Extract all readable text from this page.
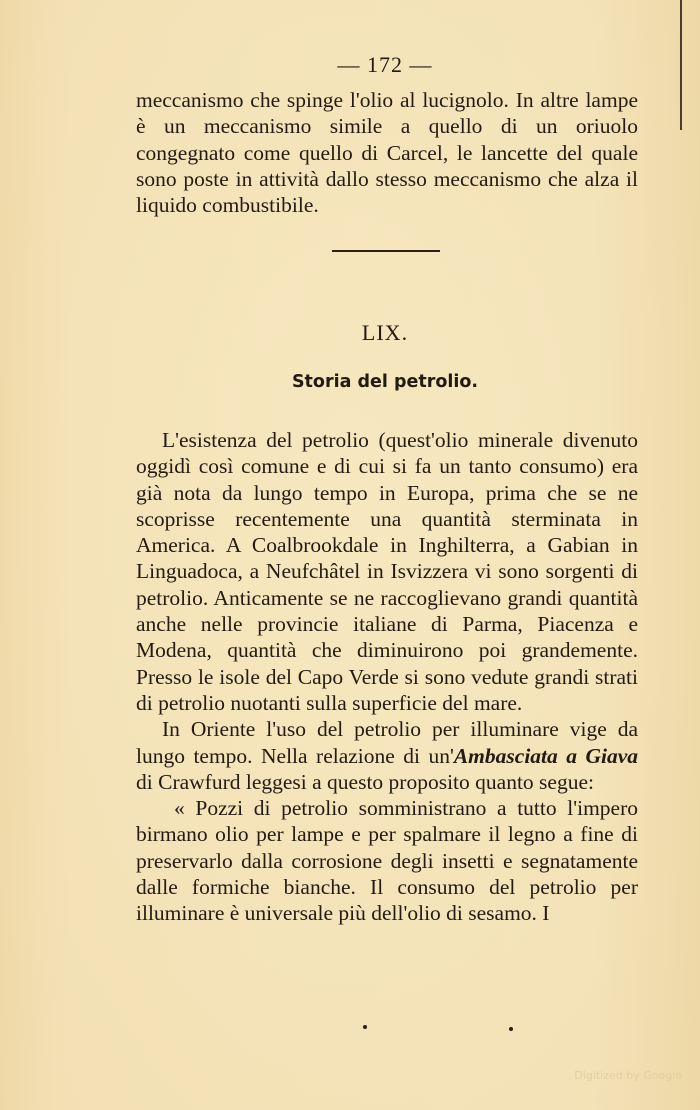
— 172 —

meccanismo che spinge l'olio al lucignolo. In altre lampe è un meccanismo simile a quello di un oriuolo congegnato come quello di Carcel, le lancette del quale sono poste in attività dallo stesso meccanismo che alza il liquido combustibile.

LIX.
Storia del petrolio.

L'esistenza del petrolio (quest'olio minerale divenuto oggidì così comune e di cui si fa un tanto consumo) era già nota da lungo tempo in Europa, prima che se ne scoprisse recentemente una quantità sterminata in America. A Coalbrookdale in Inghilterra, a Gabian in Linguadoca, a Neufchâtel in Isvizzera vi sono sorgenti di petrolio. Anticamente se ne raccoglievano grandi quantità anche nelle provincie italiane di Parma, Piacenza e Modena, quantità che diminuirono poi grandemente. Presso le isole del Capo Verde si sono vedute grandi strati di petrolio nuotanti sulla superficie del mare.

In Oriente l'uso del petrolio per illuminare vige da lungo tempo. Nella relazione di un'Ambasciata a Giava di Crawfurd leggesi a questo proposito quanto segue:

« Pozzi di petrolio somministrano a tutto l'impero birmano olio per lampe e per spalmare il legno a fine di preservarlo dalla corrosione degli insetti e segnatamente dalle formiche bianche. Il consumo del petrolio per illuminare è universale più dell'olio di sesamo. I

Digitized by Google
